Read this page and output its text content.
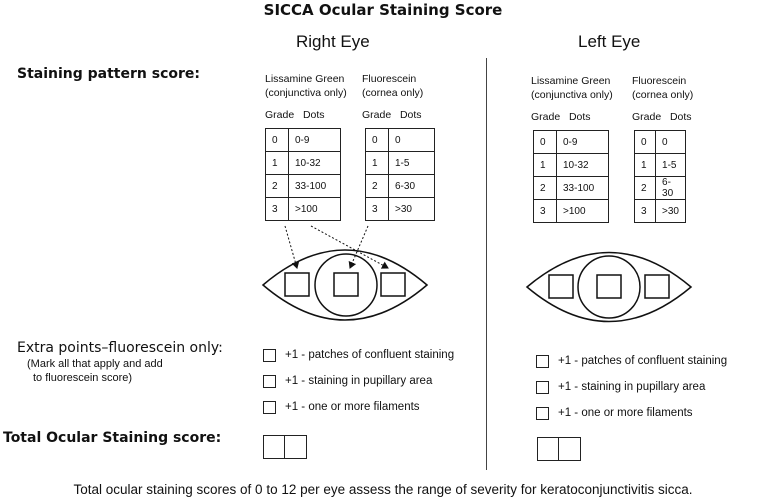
SICCA Ocular Staining Score
Right Eye	Left Eye
Staining pattern score:	Lissamine Green
(conjunctiva only)
Fluorescein
(cornea only)
Grade Dots	Grade Dots
0	0-9
1	10-32
2	33-100
3	>100
0	0
1	1-5
2	6-30
3	>30
Lissamine Green
(conjunctiva only)
Fluorescein
(cornea only)
Grade Dots	Grade Dots
0	0-9
1	10-32
2	33-100
3	>100
0	0
1	1-5
2	6-30
3	>30
Extra points–fluorescein only:
(Mark all that apply and add
to fluorescein score)
+1 - patches of confluent staining
+1 - staining in pupillary area
+1 - one or more filaments
+1 - patches of confluent staining
+1 - staining in pupillary area
+1 - one or more filaments
Total Ocular Staining score:
Total ocular staining scores of 0 to 12 per eye assess the range of severity for keratoconjunctivitis sicca.
